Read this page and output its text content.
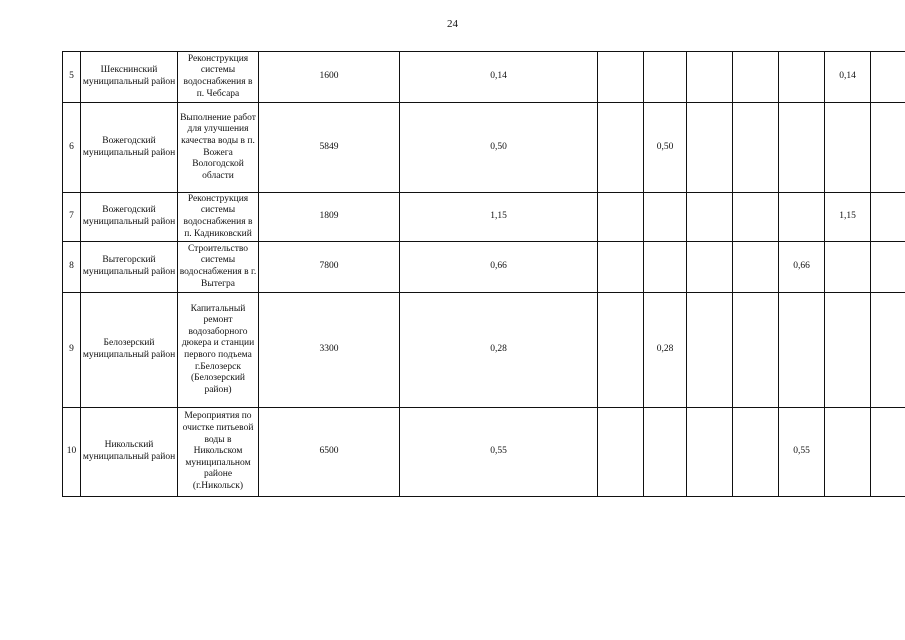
24
5	Шекснинский муниципальный район	Реконструкция системы водоснабжения в п. Чебсара	1600	0,14						0,14	
6	Вожегодский муниципальный район	Выполнение работ для улучшения качества воды в п. Вожега Вологодской области	5849	0,50		0,50					
7	Вожегодский муниципальный район	Реконструкция системы водоснабжения в п. Кадниковский	1809	1,15						1,15	
8	Вытегорский муниципальный район	Строительство системы водоснабжения в г. Вытегра	7800	0,66					0,66		
9	Белозерский муниципальный район	Капитальный ремонт водозаборного дюкера и станции первого подъема г.Белозерск (Белозерский район)	3300	0,28		0,28					
10	Никольский муниципальный район	Мероприятия по очистке питьевой воды в Никольском муниципальном районе (г.Никольск)	6500	0,55					0,55		
